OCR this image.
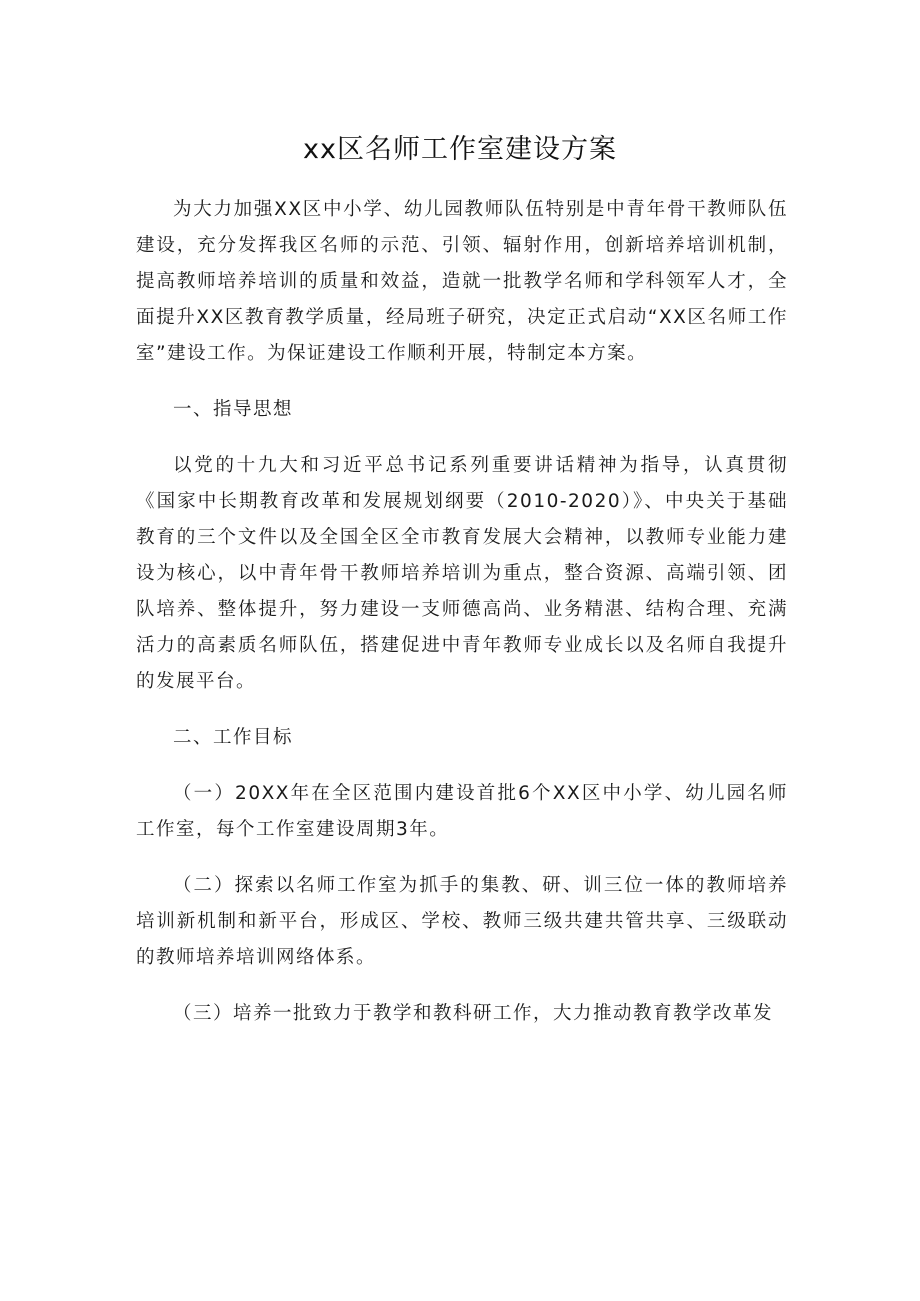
xx区名师工作室建设方案

为大力加强XX区中小学、幼儿园教师队伍特别是中青年骨干教师队伍建设，充分发挥我区名师的示范、引领、辐射作用，创新培养培训机制，提高教师培养培训的质量和效益，造就一批教学名师和学科领军人才，全面提升XX区教育教学质量，经局班子研究，决定正式启动“XX区名师工作室”建设工作。为保证建设工作顺利开展，特制定本方案。

一、指导思想

以党的十九大和习近平总书记系列重要讲话精神为指导，认真贯彻《国家中长期教育改革和发展规划纲要（2010-2020）》、中央关于基础教育的三个文件以及全国全区全市教育发展大会精神，以教师专业能力建设为核心，以中青年骨干教师培养培训为重点，整合资源、高端引领、团队培养、整体提升，努力建设一支师德高尚、业务精湛、结构合理、充满活力的高素质名师队伍，搭建促进中青年教师专业成长以及名师自我提升的发展平台。

二、工作目标

（一）20XX年在全区范围内建设首批6个XX区中小学、幼儿园名师工作室，每个工作室建设周期3年。

（二）探索以名师工作室为抓手的集教、研、训三位一体的教师培养培训新机制和新平台，形成区、学校、教师三级共建共管共享、三级联动的教师培养培训网络体系。

（三）培养一批致力于教学和教科研工作，大力推动教育教学改革发
